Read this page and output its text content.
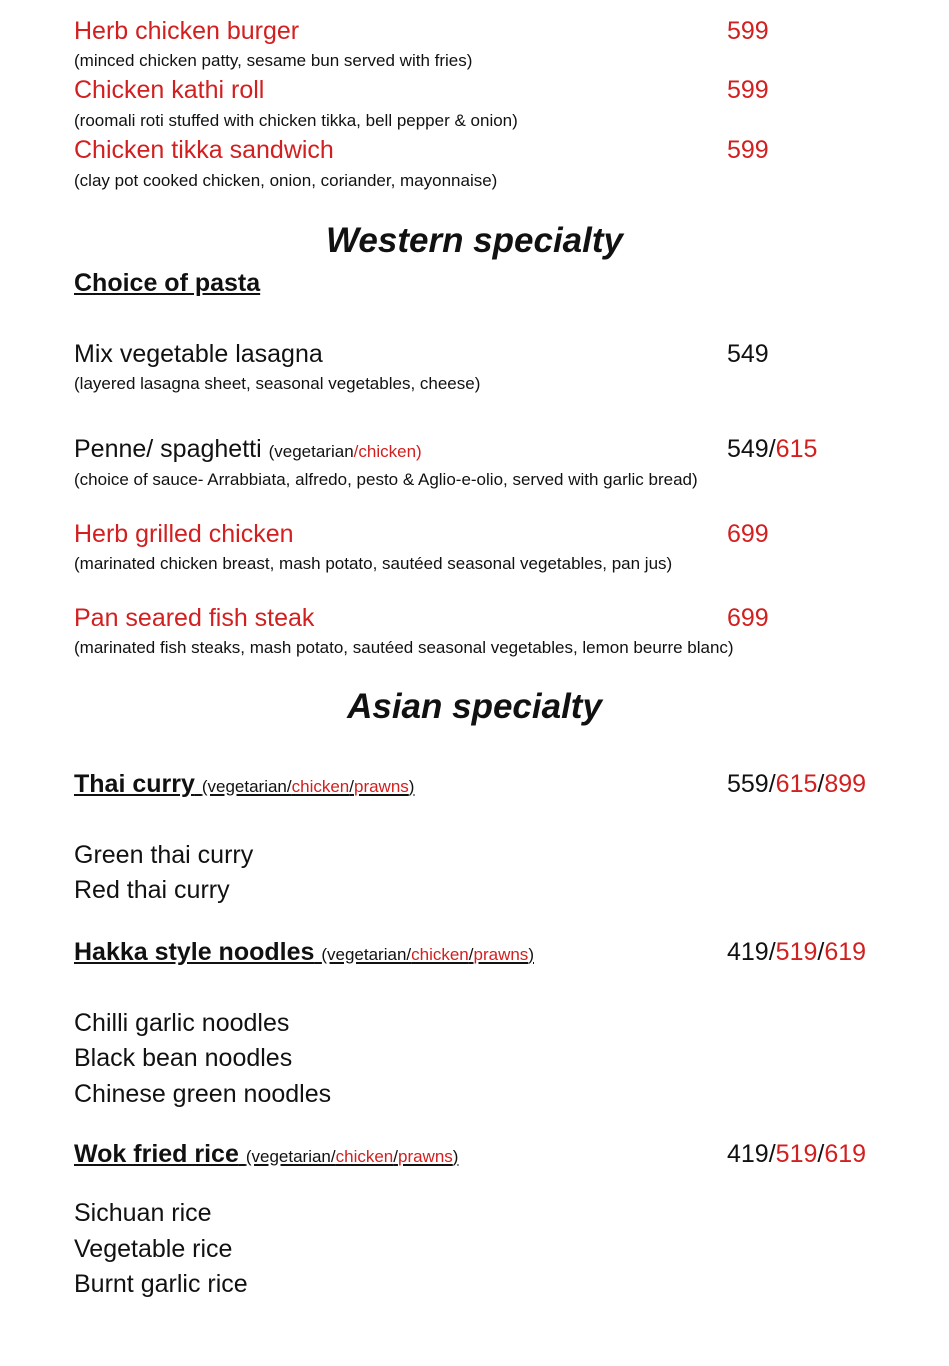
Herb chicken burger	599
(minced chicken patty, sesame bun served with fries)
Chicken kathi roll	599
(roomali roti stuffed with chicken tikka, bell pepper & onion)
Chicken tikka sandwich	599
(clay pot cooked chicken, onion, coriander, mayonnaise)
Western specialty
Choice of pasta
Mix vegetable lasagna	549
(layered lasagna sheet, seasonal vegetables, cheese)
Penne/ spaghetti (vegetarian/chicken)	549/615
(choice of sauce- Arrabbiata, alfredo, pesto & Aglio-e-olio, served with garlic bread)
Herb grilled chicken	699
(marinated chicken breast, mash potato, sautéed seasonal vegetables, pan jus)
Pan seared fish steak	699
(marinated fish steaks, mash potato, sautéed seasonal vegetables, lemon beurre blanc)
Asian specialty
Thai curry (vegetarian/chicken/prawns)	559/615/899
Green thai curry
Red thai curry
Hakka style noodles (vegetarian/chicken/prawns)	419/519/619
Chilli garlic noodles
Black bean noodles
Chinese green noodles
Wok fried rice (vegetarian/chicken/prawns)	419/519/619
Sichuan rice
Vegetable rice
Burnt garlic rice
